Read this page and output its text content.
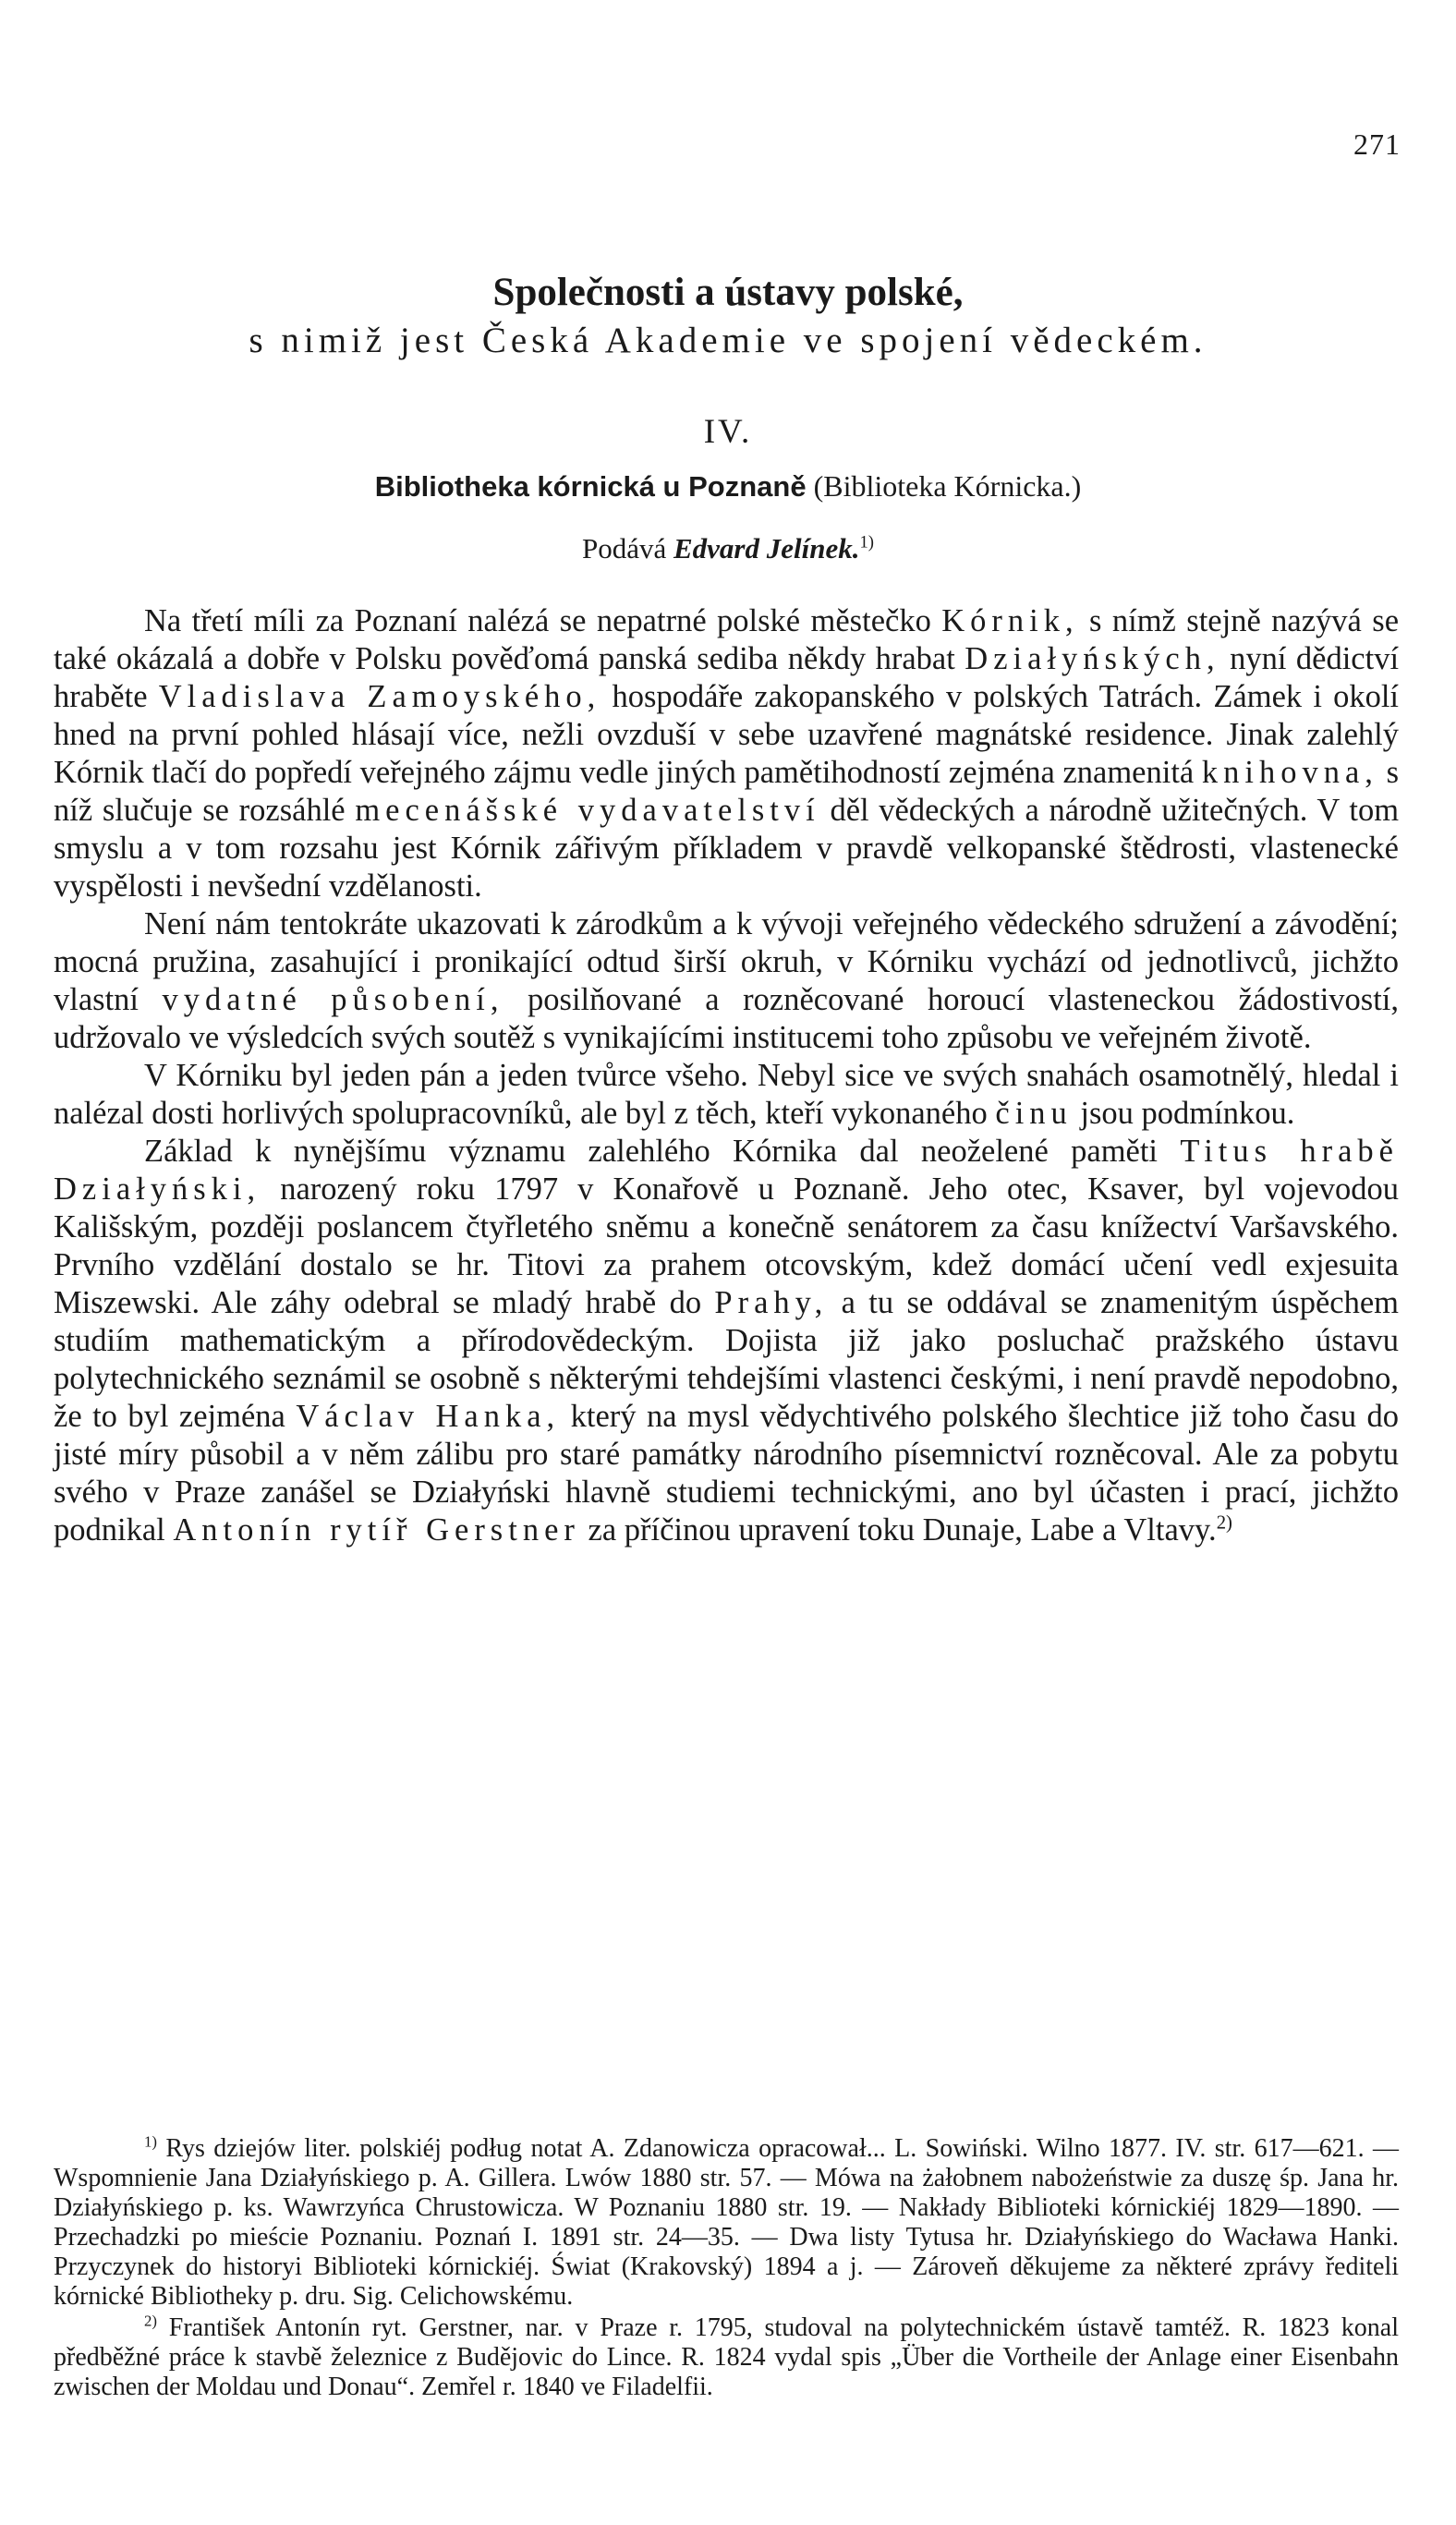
271
Společnosti a ústavy polské,
s nimiž jest Česká Akademie ve spojení vědeckém.
IV.
Bibliotheka kórnická u Poznaně (Biblioteka Kórnicka.)
Podává Edvard Jelínek.$^{1)}$

Na třetí míli za Poznaní nalézá se nepatrné polské městečko Kórnik, s nímž stejně nazývá se také okázalá a dobře v Polsku pověďomá panská sediba někdy hrabat Działyńských, nyní dědictví hraběte Vladislava Zamoyského, hospodáře zakopanského v polských Tatrách. Zámek i okolí hned na první pohled hlásají více, nežli ovzduší v sebe uzavřené magnátské residence. Jinak zalehlý Kórnik tlačí do popředí veřejného zájmu vedle jiných pamětihodností zejména znamenitá knihovna, s níž slučuje se rozsáhlé mecenášské vydavatelství děl vědeckých a národně užitečných. V tom smyslu a v tom rozsahu jest Kórnik zářivým příkladem v pravdě velkopanské štědrosti, vlastenecké vyspělosti i nevšední vzdělanosti.

Není nám tentokráte ukazovati k zárodkům a k vývoji veřejného vědeckého sdružení a závodění; mocná pružina, zasahující i pronikající odtud širší okruh, v Kórniku vychází od jednotlivců, jichžto vlastní vydatné působení, posilňované a rozněcované horoucí vlasteneckou žádostivostí, udržovalo ve výsledcích svých soutěž s vynikajícími institucemi toho způsobu ve veřejném životě.

V Kórniku byl jeden pán a jeden tvůrce všeho. Nebyl sice ve svých snahách osamotnělý, hledal i nalézal dosti horlivých spolupracovníků, ale byl z těch, kteří vykonaného činu jsou podmínkou.

Základ k nynějšímu významu zalehlého Kórnika dal neoželené paměti Titus hrabě Działyński, narozený roku 1797 v Konařově u Poznaně. Jeho otec, Ksaver, byl vojevodou Kališským, později poslancem čtyřletého sněmu a konečně senátorem za času knížectví Varšavského. Prvního vzdělání dostalo se hr. Titovi za prahem otcovským, kdež domácí učení vedl exjesuita Miszewski. Ale záhy odebral se mladý hrabě do Prahy, a tu se oddával se znamenitým úspěchem studiím mathematickým a přírodovědeckým. Dojista již jako posluchač pražského ústavu polytechnického seznámil se osobně s některými tehdejšími vlastenci českými, i není pravdě nepodobno, že to byl zejména Václav Hanka, který na mysl vědychtivého polského šlechtice již toho času do jisté míry působil a v něm zálibu pro staré památky národního písemnictví rozněcoval. Ale za pobytu svého v Praze zanášel se Działyński hlavně studiemi technickými, ano byl účasten i prací, jichžto podnikal Antonín rytíř Gerstner za příčinou upravení toku Dunaje, Labe a Vltavy.$^{2)}$

$^{1)}$ Rys dziejów liter. polskiéj podług notat A. Zdanowicza opracował... L. Sowiński. Wilno 1877. IV. str. 617—621. — Wspomnienie Jana Działyńskiego p. A. Gillera. Lwów 1880 str. 57. — Mówa na żałobnem nabożeństwie za duszę śp. Jana hr. Działyńskiego p. ks. Wawrzyńca Chrustowicza. W Poznaniu 1880 str. 19. — Nakłady Biblioteki kórnickiéj 1829—1890. — Przechadzki po mieście Poznaniu. Poznań I. 1891 str. 24—35. — Dwa listy Tytusa hr. Działyńskiego do Wacława Hanki. Przyczynek do historyi Biblioteki kórnickiéj. Świat (Krakovský) 1894 a j. — Zároveň děkujeme za některé zprávy řediteli kórnické Bibliotheky p. dru. Sig. Celichowskému.

$^{2)}$ František Antonín ryt. Gerstner, nar. v Praze r. 1795, studoval na polytechnickém ústavě tamtéž. R. 1823 konal předběžné práce k stavbě železnice z Budějovic do Lince. R. 1824 vydal spis „Über die Vortheile der Anlage einer Eisenbahn zwischen der Moldau und Donau“. Zemřel r. 1840 ve Filadelfii.
